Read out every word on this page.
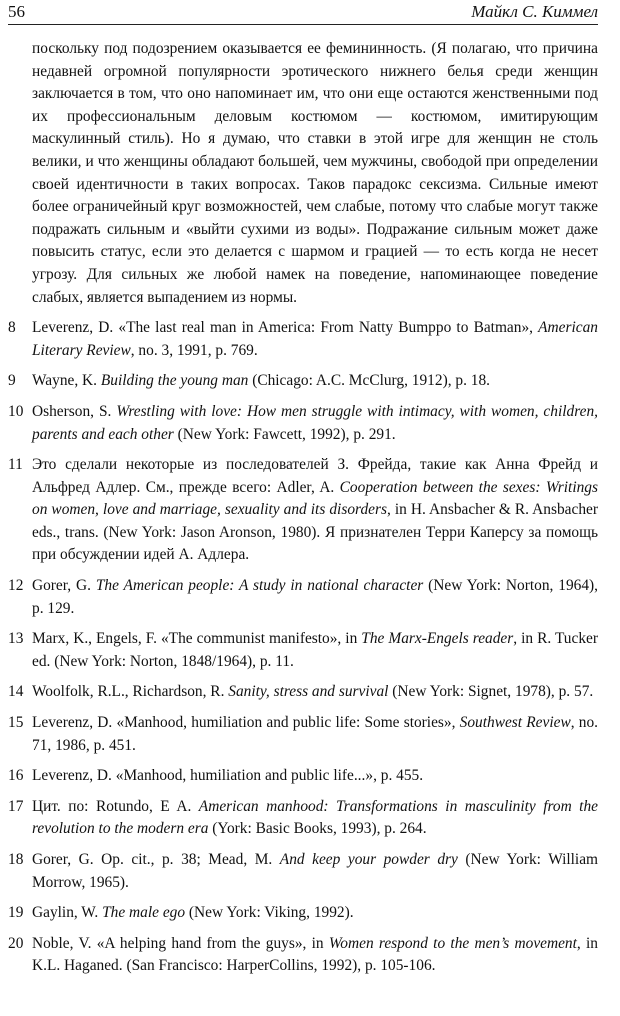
56	Майкл С. Киммел

поскольку под подозрением оказывается ее фемининность. (Я полагаю, что причина недавней огромной популярности эротического нижнего белья среди женщин заключается в том, что оно напоминает им, что они еще остаются женственными под их профессиональным деловым костюмом — костюмом, имитирующим маскулинный стиль). Но я думаю, что ставки в этой игре для женщин не столь велики, и что женщины обладают большей, чем мужчины, свободой при определении своей идентичности в таких вопросах. Таков парадокс сексизма. Сильные имеют более ограничейный круг возможностей, чем слабые, потому что слабые могут также подражать сильным и «выйти сухими из воды». Подражание сильным может даже повысить статус, если это делается с шармом и грацией — то есть когда не несет угрозу. Для сильных же любой намек на поведение, напоминающее поведение слабых, является выпадением из нормы.

8 Leverenz, D. «The last real man in America: From Natty Bumppo to Batman», American Literary Review, no. 3, 1991, p. 769.
9 Wayne, K. Building the young man (Chicago: A.C. McClurg, 1912), p. 18.
10 Osherson, S. Wrestling with love: How men struggle with intimacy, with women, children, parents and each other (New York: Fawcett, 1992), p. 291.
11 Это сделали некоторые из последователей З. Фрейда, такие как Анна Фрейд и Альфред Адлер. См., прежде всего: Adler, A. Cooperation between the sexes: Writings on women, love and marriage, sexuality and its disorders, in H. Ansbacher & R. Ansbacher eds., trans. (New York: Jason Aronson, 1980). Я признателен Терри Каперсу за помощь при обсуждении идей А. Адлера.
12 Gorer, G. The American people: A study in national character (New York: Norton, 1964), p. 129.
13 Marx, K., Engels, F. «The communist manifesto», in The Marx-Engels reader, in R. Tucker ed. (New York: Norton, 1848/1964), p. 11.
14 Woolfolk, R.L., Richardson, R. Sanity, stress and survival (New York: Signet, 1978), p. 57.
15 Leverenz, D. «Manhood, humiliation and public life: Some stories», Southwest Review, no. 71, 1986, p. 451.
16 Leverenz, D. «Manhood, humiliation and public life...», p. 455.
17 Цит. по: Rotundo, E A. American manhood: Transformations in masculinity from the revolution to the modern era (York: Basic Books, 1993), p. 264.
18 Gorer, G. Op. cit., p. 38; Mead, M. And keep your powder dry (New York: William Morrow, 1965).
19 Gaylin, W. The male ego (New York: Viking, 1992).
20 Noble, V. «A helping hand from the guys», in Women respond to the men’s movement, in K.L. Haganed. (San Francisco: HarperCollins, 1992), p. 105-106.
